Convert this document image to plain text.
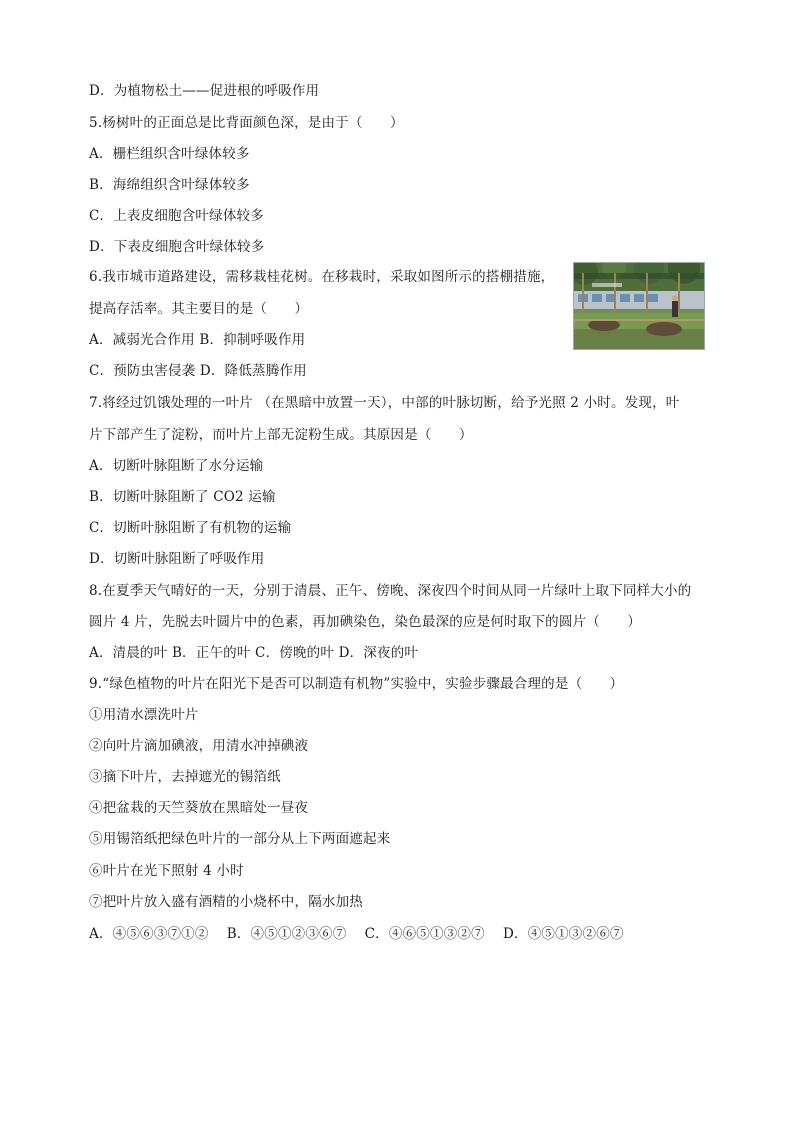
D．为植物松土——促进根的呼吸作用
5.杨树叶的正面总是比背面颜色深，是由于（　　）
A．栅栏组织含叶绿体较多
B．海绵组织含叶绿体较多
C．上表皮细胞含叶绿体较多
D．下表皮细胞含叶绿体较多
6.我市城市道路建设，需移栽桂花树。在移栽时，采取如图所示的搭棚措施，
提高存活率。其主要目的是（　　）
A．减弱光合作用 B．抑制呼吸作用
C．预防虫害侵袭 D．降低蒸腾作用
7.将经过饥饿处理的一叶片 （在黑暗中放置一天），中部的叶脉切断，给予光照 2 小时。发现，叶
片下部产生了淀粉，而叶片上部无淀粉生成。其原因是（　　）
A．切断叶脉阻断了水分运输
B．切断叶脉阻断了 CO2 运输
C．切断叶脉阻断了有机物的运输
D．切断叶脉阻断了呼吸作用
8.在夏季天气晴好的一天，分别于清晨、正午、傍晚、深夜四个时间从同一片绿叶上取下同样大小的
圆片 4 片，先脱去叶圆片中的色素，再加碘染色，染色最深的应是何时取下的圆片（　　）
A．清晨的叶 B．正午的叶 C．傍晚的叶 D．深夜的叶
9.“绿色植物的叶片在阳光下是否可以制造有机物”实验中，实验步骤最合理的是（　　）
①用清水漂洗叶片
②向叶片滴加碘液，用清水冲掉碘液
③摘下叶片，去掉遮光的锡箔纸
④把盆栽的天竺葵放在黑暗处一昼夜
⑤用锡箔纸把绿色叶片的一部分从上下两面遮起来
⑥叶片在光下照射 4 小时
⑦把叶片放入盛有酒精的小烧杯中，隔水加热
A．④⑤⑥③⑦①②　 B．④⑤①②③⑥⑦　 C．④⑥⑤①③②⑦　 D．④⑤①③②⑥⑦
